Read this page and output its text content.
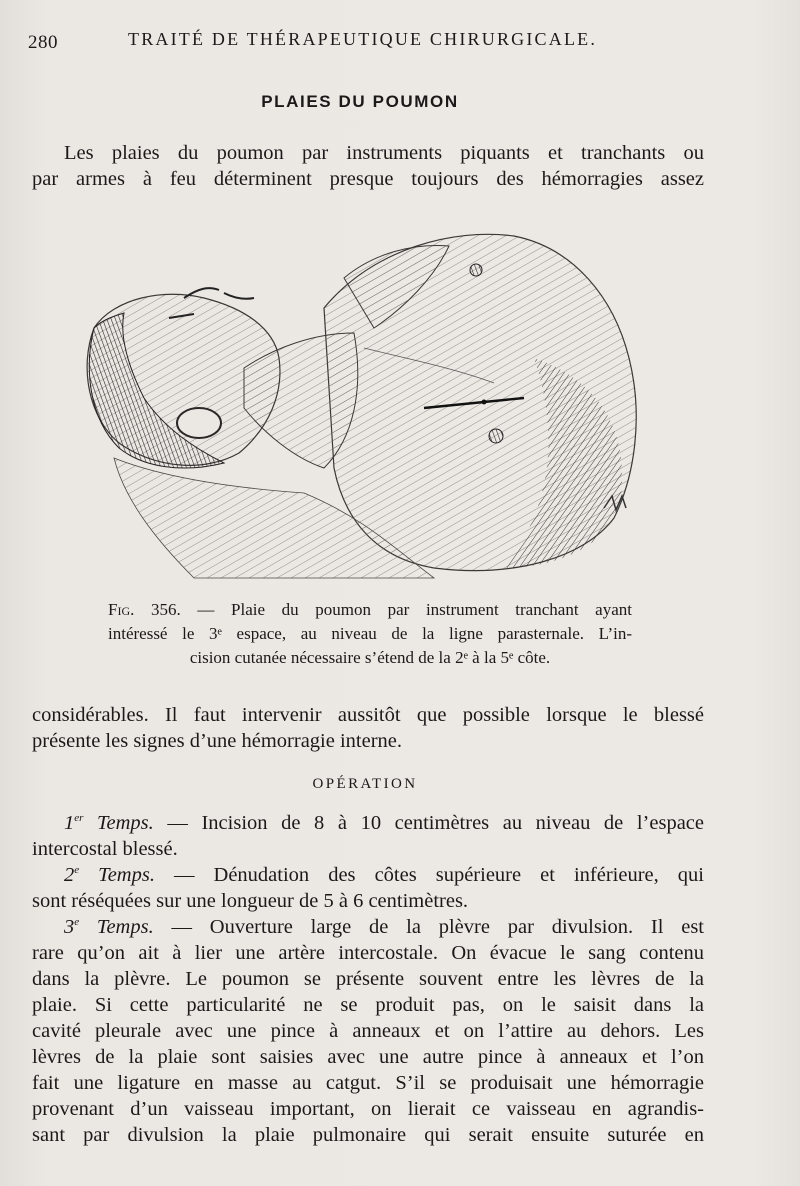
280	TRAITÉ DE THÉRAPEUTIQUE CHIRURGICALE.
PLAIES DU POUMON
Les plaies du poumon par instruments piquants et tranchants ou
par armes à feu déterminent presque toujours des hémorragies assez
Fig. 356. — Plaie du poumon par instrument tranchant ayant
intéressé le 3ᵉ espace, au niveau de la ligne parasternale. L’in-
cision cutanée nécessaire s’étend de la 2ᵉ à la 5ᵉ côte.
considérables. Il faut intervenir aussitôt que possible lorsque le blessé
présente les signes d’une hémorragie interne.
OPÉRATION
1er Temps. — Incision de 8 à 10 centimètres au niveau de l’espace
intercostal blessé.
2e Temps. — Dénudation des côtes supérieure et inférieure, qui
sont réséquées sur une longueur de 5 à 6 centimètres.
3e Temps. — Ouverture large de la plèvre par divulsion. Il est
rare qu’on ait à lier une artère intercostale. On évacue le sang contenu
dans la plèvre. Le poumon se présente souvent entre les lèvres de la
plaie. Si cette particularité ne se produit pas, on le saisit dans la
cavité pleurale avec une pince à anneaux et on l’attire au dehors. Les
lèvres de la plaie sont saisies avec une autre pince à anneaux et l’on
fait une ligature en masse au catgut. S’il se produisait une hémorragie
provenant d’un vaisseau important, on lierait ce vaisseau en agrandis-
sant par divulsion la plaie pulmonaire qui serait ensuite suturée en
